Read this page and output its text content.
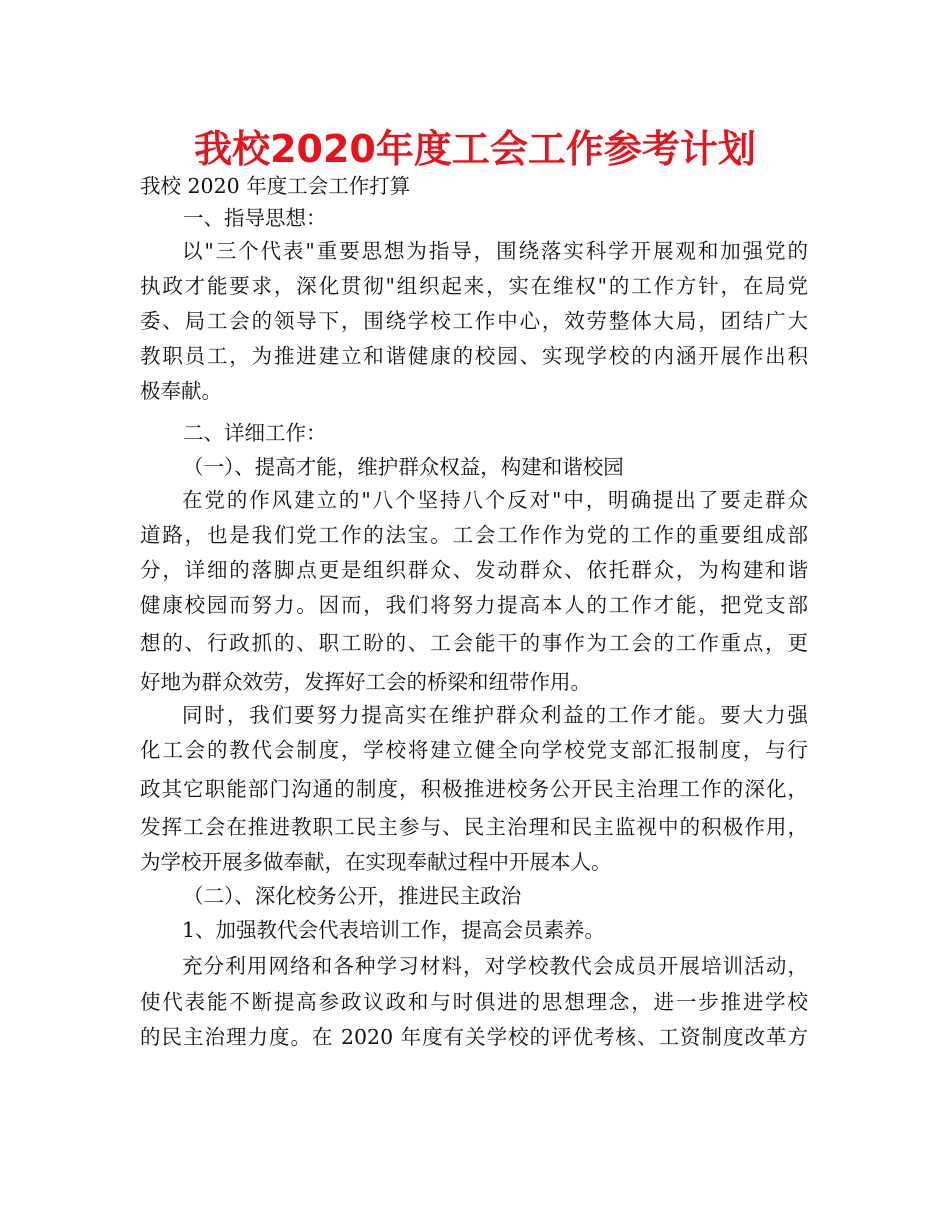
我校2020年度工会工作参考计划
我校 2020 年度工会工作打算
一、指导思想：
以"三个代表"重要思想为指导，围绕落实科学开展观和加强党的
执政才能要求，深化贯彻"组织起来，实在维权"的工作方针，在局党
委、局工会的领导下，围绕学校工作中心，效劳整体大局，团结广大
教职员工，为推进建立和谐健康的校园、实现学校的内涵开展作出积
极奉献。
二、详细工作：
（一）、提高才能，维护群众权益，构建和谐校园
在党的作风建立的"八个坚持八个反对"中，明确提出了要走群众
道路，也是我们党工作的法宝。工会工作作为党的工作的重要组成部
分，详细的落脚点更是组织群众、发动群众、依托群众，为构建和谐
健康校园而努力。因而，我们将努力提高本人的工作才能，把党支部
想的、行政抓的、职工盼的、工会能干的事作为工会的工作重点，更
好地为群众效劳，发挥好工会的桥梁和纽带作用。
同时，我们要努力提高实在维护群众利益的工作才能。要大力强
化工会的教代会制度，学校将建立健全向学校党支部汇报制度，与行
政其它职能部门沟通的制度，积极推进校务公开民主治理工作的深化，
发挥工会在推进教职工民主参与、民主治理和民主监视中的积极作用，
为学校开展多做奉献，在实现奉献过程中开展本人。
（二）、深化校务公开，推进民主政治
1、加强教代会代表培训工作，提高会员素养。
充分利用网络和各种学习材料，对学校教代会成员开展培训活动，
使代表能不断提高参政议政和与时俱进的思想理念，进一步推进学校
的民主治理力度。在 2020 年度有关学校的评优考核、工资制度改革方
